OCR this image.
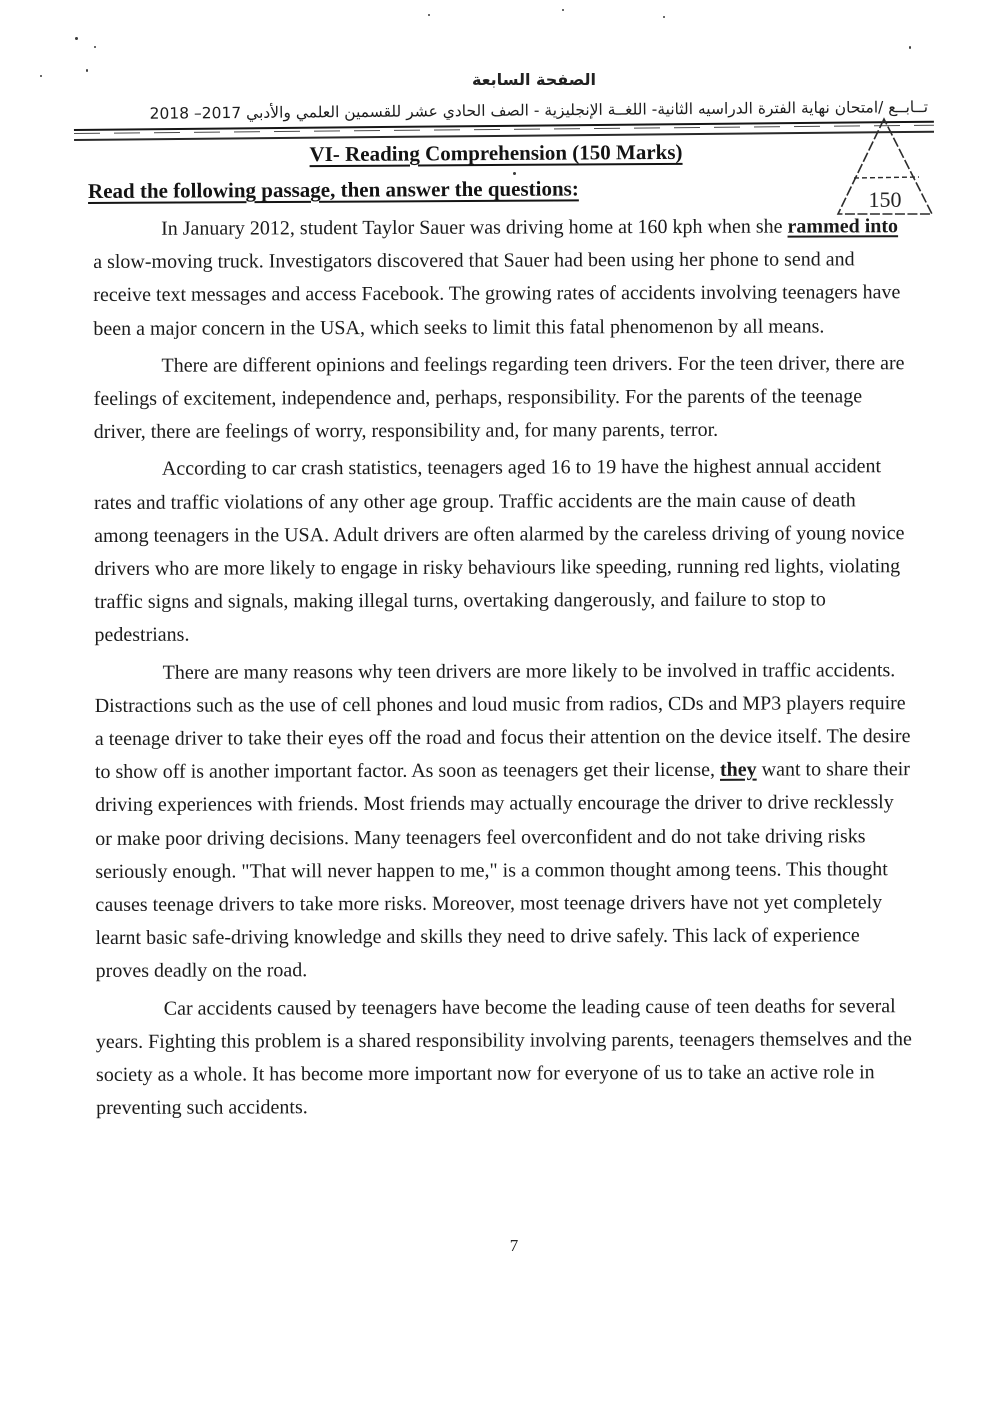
الصفحة السابعة
تــابــع /امتحان نهاية الفترة الدراسيه الثانية- اللغــة الإنجليزية - الصف الحادي عشر للقسمين العلمي والأدبي 2017– 2018
150
VI- Reading Comprehension (150 Marks)
Read the following passage, then answer the questions:

In January 2012, student Taylor Sauer was driving home at 160 kph when she rammed into a slow-moving truck. Investigators discovered that Sauer had been using her phone to send and receive text messages and access Facebook. The growing rates of accidents involving teenagers have been a major concern in the USA, which seeks to limit this fatal phenomenon by all means.

There are different opinions and feelings regarding teen drivers. For the teen driver, there are feelings of excitement, independence and, perhaps, responsibility. For the parents of the teenage driver, there are feelings of worry, responsibility and, for many parents, terror.

According to car crash statistics, teenagers aged 16 to 19 have the highest annual accident rates and traffic violations of any other age group. Traffic accidents are the main cause of death among teenagers in the USA. Adult drivers are often alarmed by the careless driving of young novice drivers who are more likely to engage in risky behaviours like speeding, running red lights, violating traffic signs and signals, making illegal turns, overtaking dangerously, and failure to stop to pedestrians.

There are many reasons why teen drivers are more likely to be involved in traffic accidents. Distractions such as the use of cell phones and loud music from radios, CDs and MP3 players require a teenage driver to take their eyes off the road and focus their attention on the device itself. The desire to show off is another important factor. As soon as teenagers get their license, they want to share their driving experiences with friends. Most friends may actually encourage the driver to drive recklessly or make poor driving decisions. Many teenagers feel overconfident and do not take driving risks seriously enough. "That will never happen to me," is a common thought among teens. This thought causes teenage drivers to take more risks. Moreover, most teenage drivers have not yet completely learnt basic safe-driving knowledge and skills they need to drive safely. This lack of experience proves deadly on the road.

Car accidents caused by teenagers have become the leading cause of teen deaths for several years. Fighting this problem is a shared responsibility involving parents, teenagers themselves and the society as a whole. It has become more important now for everyone of us to take an active role in preventing such accidents.

7
